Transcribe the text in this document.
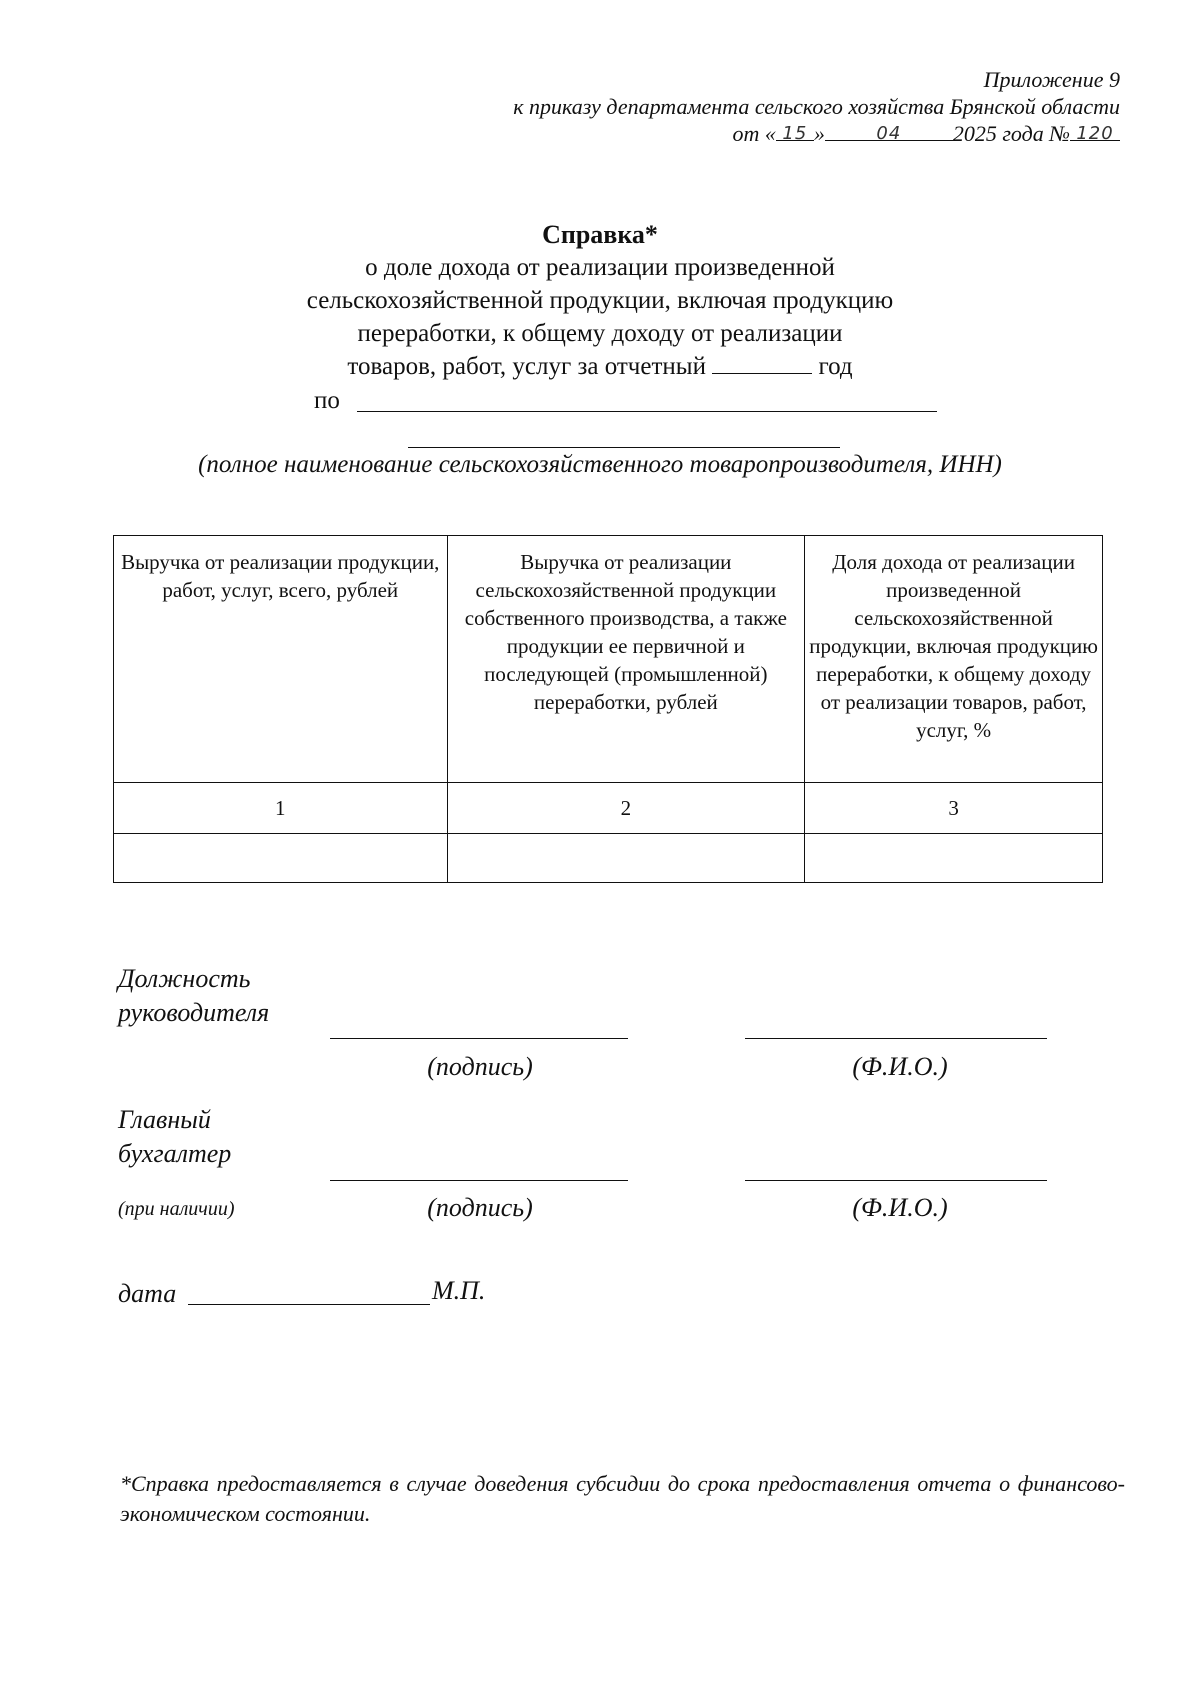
Приложение 9
к приказу департамента сельского хозяйства Брянской области
от « 15 »	04 2025 года № 120
Справка*
о доле дохода от реализации произведенной
сельскохозяйственной продукции, включая продукцию
переработки, к общему доходу от реализации
товаров, работ, услуг за отчетный	год
по
(полное наименование сельскохозяйственного товаропроизводителя, ИНН)
Выручка от реализации продукции, работ, услуг, всего, рублей	Выручка от реализации сельскохозяйственной продукции собственного производства, а также продукции ее первичной и последующей (промышленной) переработки, рублей	Доля дохода от реализации произведенной сельскохозяйственной продукции, включая продукцию переработки, к общему доходу от реализации товаров, работ, услуг, %
1	2	3

Должность
руководителя
(подпись)	(Ф.И.О.)
Главный
бухгалтер
(при наличии)	(подпись)	(Ф.И.О.)
дата	М.П.
*Справка предоставляется в случае доведения субсидии до срока предоставления отчета о финансово-экономическом состоянии.
